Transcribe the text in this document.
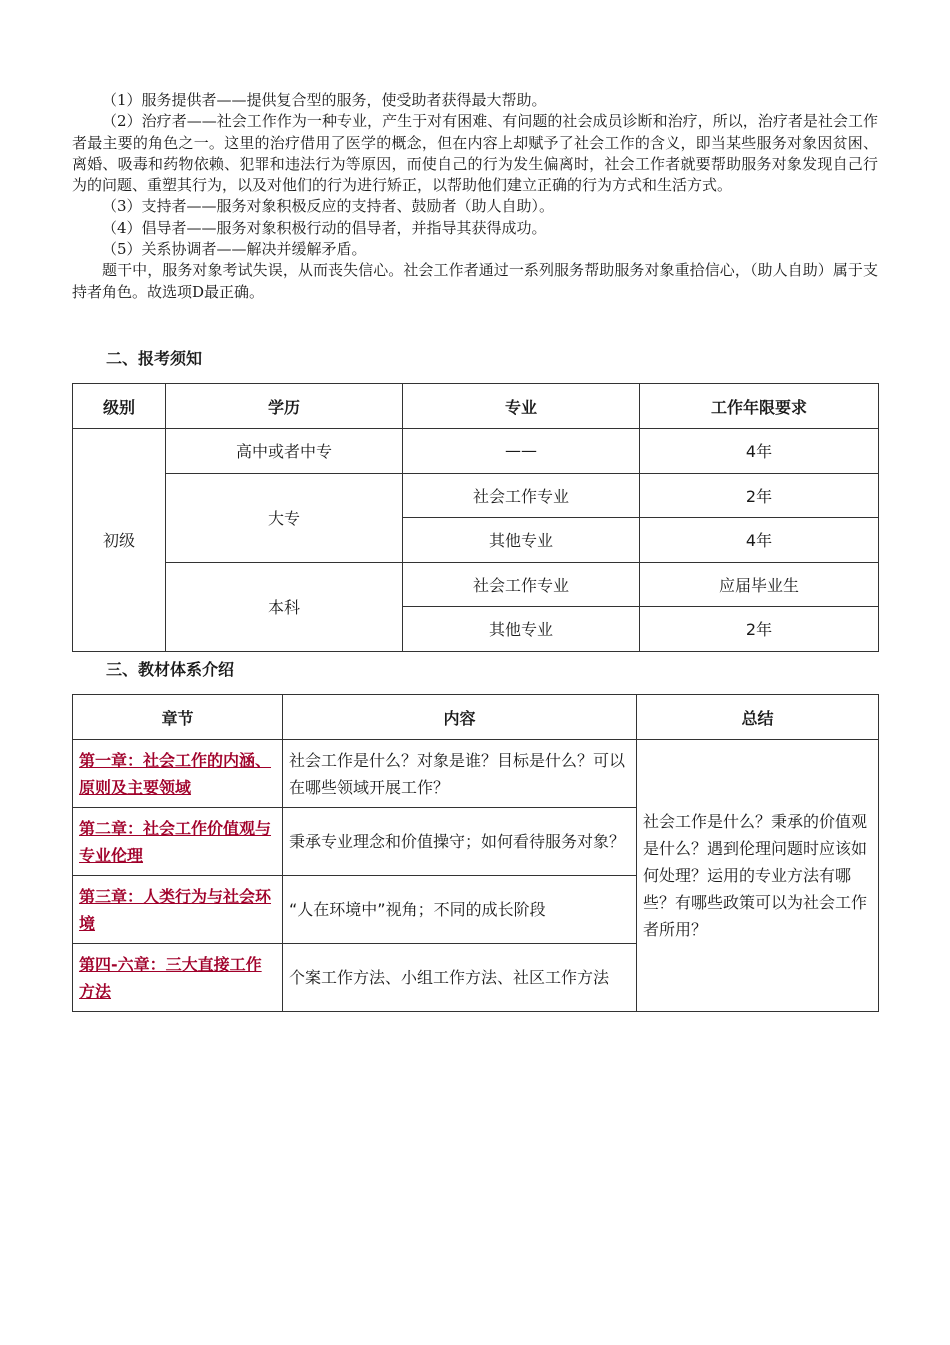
（1）服务提供者——提供复合型的服务，使受助者获得最大帮助。

（2）治疗者——社会工作作为一种专业，产生于对有困难、有问题的社会成员诊断和治疗，所以，治疗者是社会工作者最主要的角色之一。这里的治疗借用了医学的概念，但在内容上却赋予了社会工作的含义，即当某些服务对象因贫困、离婚、吸毒和药物依赖、犯罪和违法行为等原因，而使自己的行为发生偏离时，社会工作者就要帮助服务对象发现自己行为的问题、重塑其行为，以及对他们的行为进行矫正，以帮助他们建立正确的行为方式和生活方式。

（3）支持者——服务对象积极反应的支持者、鼓励者（助人自助）。

（4）倡导者——服务对象积极行动的倡导者，并指导其获得成功。

（5）关系协调者——解决并缓解矛盾。

题干中，服务对象考试失误，从而丧失信心。社会工作者通过一系列服务帮助服务对象重拾信心，（助人自助）属于支持者角色。故选项D最正确。

二、报考须知
级别	学历	专业	工作年限要求
初级	高中或者中专	——	4年
	大专	社会工作专业	2年
		其他专业	4年
	本科	社会工作专业	应届毕业生
		其他专业	2年
三、教材体系介绍
章节	内容	总结
第一章：社会工作的内涵、原则及主要领域	社会工作是什么？对象是谁？目标是什么？可以在哪些领域开展工作？	社会工作是什么？秉承的价值观是什么？遇到伦理问题时应该如何处理？运用的专业方法有哪些？有哪些政策可以为社会工作者所用？
第二章：社会工作价值观与专业伦理	秉承专业理念和价值操守；如何看待服务对象？	
第三章：人类行为与社会环境	“人在环境中”视角；不同的成长阶段	
第四-六章：三大直接工作方法	个案工作方法、小组工作方法、社区工作方法	
